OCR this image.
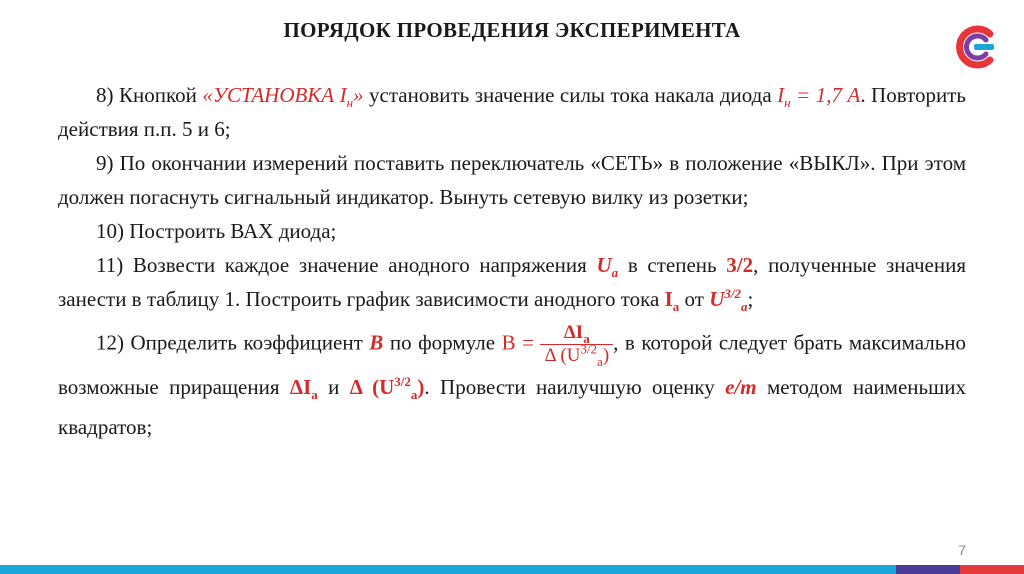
ПОРЯДОК ПРОВЕДЕНИЯ ЭКСПЕРИМЕНТА

8) Кнопкой «УСТАНОВКА $I_н$» установить значение силы тока накала диода $I_н = 1,7$ A. Повторить действия п.п. 5 и 6;

9) По окончании измерений поставить переключатель «СЕТЬ» в положение «ВЫКЛ». При этом должен погаснуть сигнальный индикатор. Вынуть сетевую вилку из розетки;

10) Построить ВАХ диода;

11) Возвести каждое значение анодного напряжения $U_a$ в степень 3/2, полученные значения занести в таблицу 1. Построить график зависимости анодного тока $I_a$ от $U^{3/2}_a$;

12) Определить коэффициент B по формуле $B = \frac{\Delta I_a}{\Delta (U^{3/2}_a)}$ , в которой следует брать максимально возможные приращения $\Delta I_a$ и Δ $(U^{3/2}_a)$. Провести наилучшую оценку e/m методом наименьших квадратов;

7
